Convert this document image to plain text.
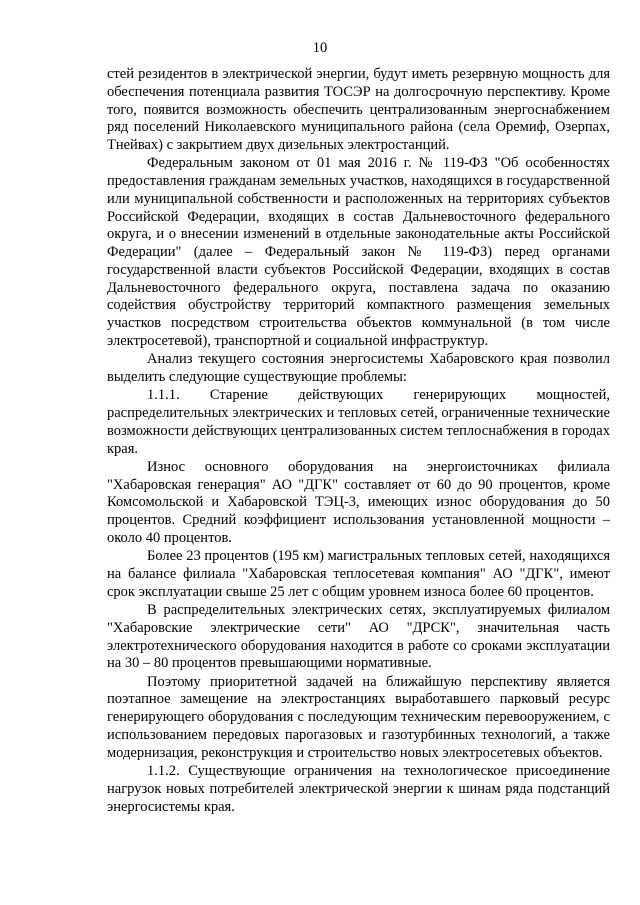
10

стей резидентов в электрической энергии, будут иметь резервную мощность для обеспечения потенциала развития ТОСЭР на долгосрочную перспективу. Кроме того, появится возможность обеспечить централизованным энергоснабжением ряд поселений Николаевского муниципального района (села Оремиф, Озерпах, Тнейвах) с закрытием двух дизельных электростанций.

Федеральным законом от 01 мая 2016 г. № 119-ФЗ "Об особенностях предоставления гражданам земельных участков, находящихся в государственной или муниципальной собственности и расположенных на территориях субъектов Российской Федерации, входящих в состав Дальневосточного федерального округа, и о внесении изменений в отдельные законодательные акты Российской Федерации" (далее – Федеральный закон № 119-ФЗ) перед органами государственной власти субъектов Российской Федерации, входящих в состав Дальневосточного федерального округа, поставлена задача по оказанию содействия обустройству территорий компактного размещения земельных участков посредством строительства объектов коммунальной (в том числе электросетевой), транспортной и социальной инфраструктур.

Анализ текущего состояния энергосистемы Хабаровского края позволил выделить следующие существующие проблемы:

1.1.1. Старение действующих генерирующих мощностей, распределительных электрических и тепловых сетей, ограниченные технические возможности действующих централизованных систем теплоснабжения в городах края.

Износ основного оборудования на энергоисточниках филиала "Хабаровская генерация" АО "ДГК" составляет от 60 до 90 процентов, кроме Комсомольской и Хабаровской ТЭЦ-3, имеющих износ оборудования до 50 процентов. Средний коэффициент использования установленной мощности – около 40 процентов.

Более 23 процентов (195 км) магистральных тепловых сетей, находящихся на балансе филиала "Хабаровская теплосетевая компания" АО "ДГК", имеют срок эксплуатации свыше 25 лет с общим уровнем износа более 60 процентов.

В распределительных электрических сетях, эксплуатируемых филиалом "Хабаровские электрические сети" АО "ДРСК", значительная часть электротехнического оборудования находится в работе со сроками эксплуатации на 30 – 80 процентов превышающими нормативные.

Поэтому приоритетной задачей на ближайшую перспективу является поэтапное замещение на электростанциях выработавшего парковый ресурс генерирующего оборудования с последующим техническим перевооружением, с использованием передовых парогазовых и газотурбинных технологий, а также модернизация, реконструкция и строительство новых электросетевых объектов.

1.1.2. Существующие ограничения на технологическое присоединение нагрузок новых потребителей электрической энергии к шинам ряда подстанций энергосистемы края.
